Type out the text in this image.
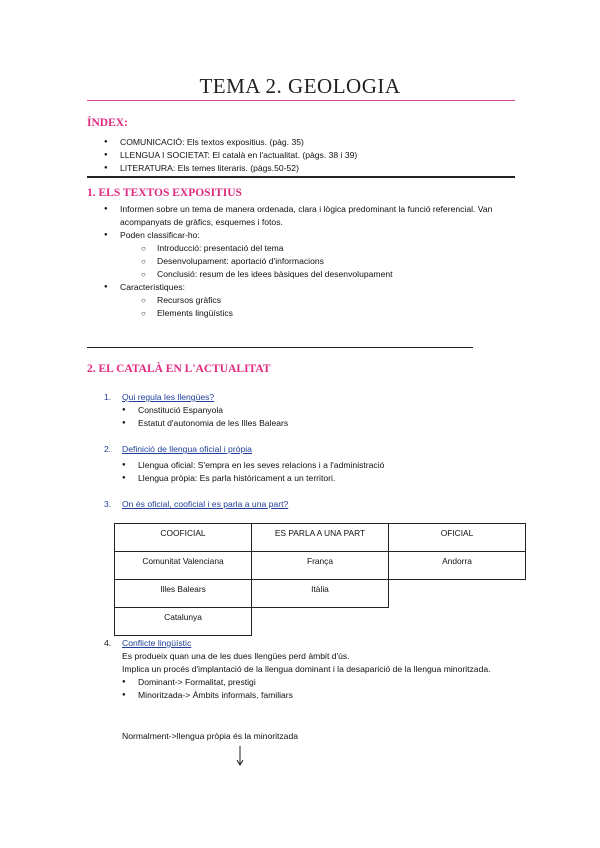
TEMA 2. GEOLOGIA
ÍNDEX:
● COMUNICACIÓ: Els textos expositius. (pàg. 35)
● LLENGUA I SOCIETAT: El català en l'actualitat. (pàgs. 38 i 39)
● LITERATURA: Els temes literaris. (pàgs.50-52)
1. ELS TEXTOS EXPOSITIUS
● Informen sobre un tema de manera ordenada, clara i lògica predominant la funció referencial. Van acompanyats de gràfics, esquemes i fotos.
● Poden classificar-ho:
○ Introducció: presentació del tema
○ Desenvolupament: aportació d'informacions
○ Conclusió: resum de les idees bàsiques del desenvolupament
● Característiques:
○ Recursos gràfics
○ Elements lingüístics
2. EL CATALÀ EN L'ACTUALITAT
1. Qui regula les llengües?
● Constitució Espanyola
● Estatut d'autonomia de les Illes Balears
2. Definició de llengua oficial i pròpia
● Llengua oficial: S'empra en les seves relacions i a l'administració
● Llengua pròpia: Es parla històricament a un territori.
3. On és oficial, cooficial i es parla a una part?
COOFICIAL	ES PARLA A UNA PART	OFICIAL
Comunitat Valenciana	França	Andorra
Illes Balears	Itàlia	
Catalunya		
4. Conflicte lingüístic
Es produeix quan una de les dues llengües perd àmbit d'ús.
Implica un procés d'implantació de la llengua dominant i la desaparició de la llengua minoritzada.
● Dominant-> Formalitat, prestigi
● Minoritzada-> Àmbits informals, familiars
Normalment->llengua pròpia és la minoritzada
